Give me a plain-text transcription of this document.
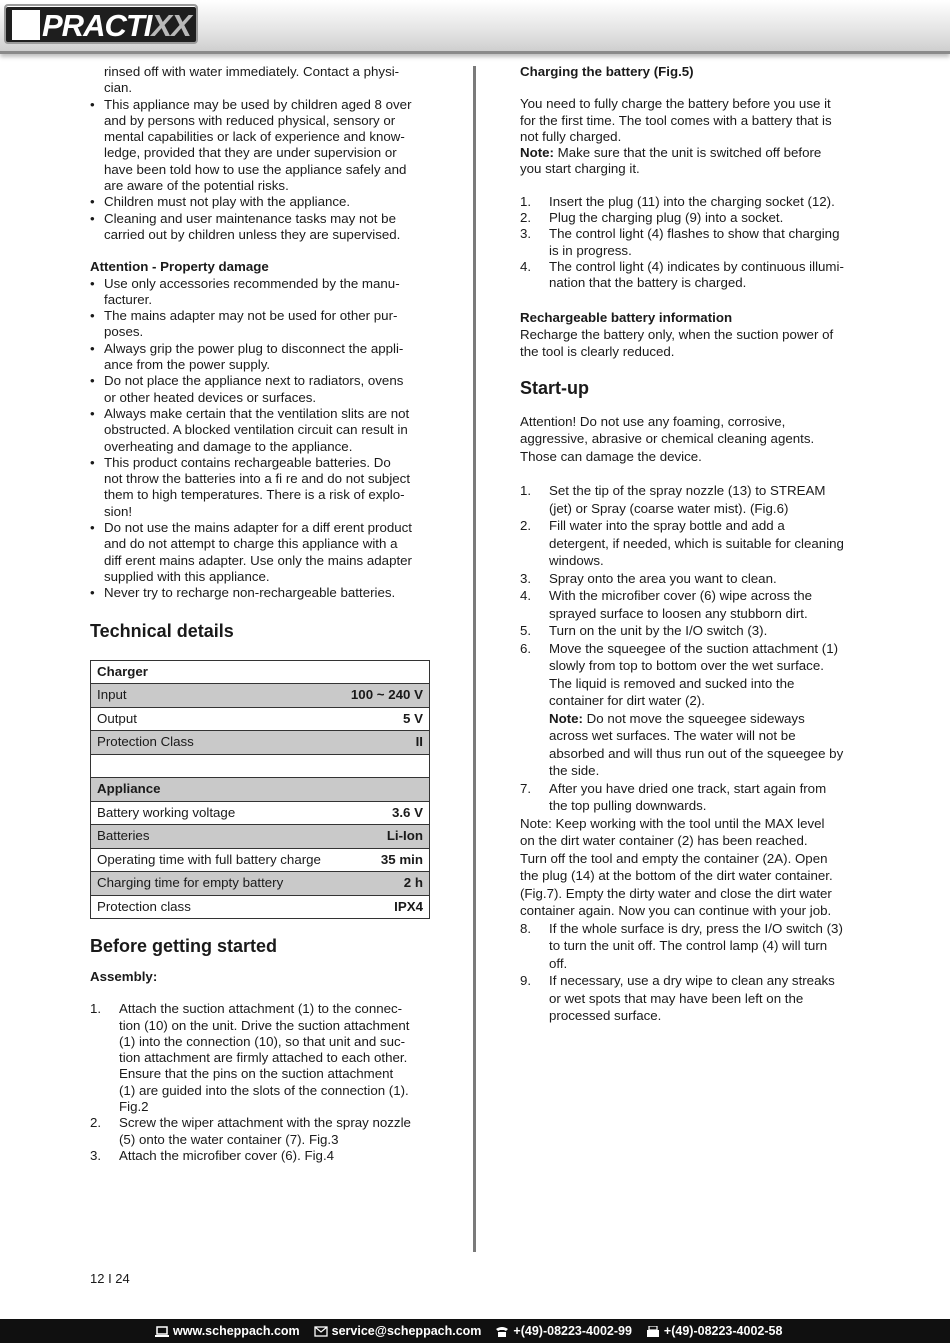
HOME PRACTIXX
rinsed off with water immediately. Contact a physi-
cian.
• This appliance may be used by children aged 8 over
and by persons with reduced physical, sensory or
mental capabilities or lack of experience and know-
ledge, provided that they are under supervision or
have been told how to use the appliance safely and
are aware of the potential risks.
• Children must not play with the appliance.
• Cleaning and user maintenance tasks may not be
carried out by children unless they are supervised.
Attention - Property damage
• Use only accessories recommended by the manu-
facturer.
• The mains adapter may not be used for other pur-
poses.
• Always grip the power plug to disconnect the appli-
ance from the power supply.
• Do not place the appliance next to radiators, ovens
or other heated devices or surfaces.
• Always make certain that the ventilation slits are not
obstructed. A blocked ventilation circuit can result in
overheating and damage to the appliance.
• This product contains rechargeable batteries. Do
not throw the batteries into a fi re and do not subject
them to high temperatures. There is a risk of explo-
sion!
• Do not use the mains adapter for a diff erent product
and do not attempt to charge this appliance with a
diff erent mains adapter. Use only the mains adapter
supplied with this appliance.
• Never try to recharge non-rechargeable batteries.
Technical details
Charger	
Input	100 ~ 240 V
Output	5 V
Protection Class	II

Appliance	
Battery working voltage	3.6 V
Batteries	Li-Ion
Operating time with full battery charge	35 min
Charging time for empty battery	2 h
Protection class	IPX4
Before getting started
Assembly:
1. Attach the suction attachment (1) to the connec-
tion (10) on the unit. Drive the suction attachment
(1) into the connection (10), so that unit and suc-
tion attachment are firmly attached to each other.
Ensure that the pins on the suction attachment
(1) are guided into the slots of the connection (1).
Fig.2
2. Screw the wiper attachment with the spray nozzle
(5) onto the water container (7). Fig.3
3. Attach the microfiber cover (6). Fig.4
Charging the battery (Fig.5)
You need to fully charge the battery before you use it
for the first time. The tool comes with a battery that is
not fully charged.
Note: Make sure that the unit is switched off before
you start charging it.
1. Insert the plug (11) into the charging socket (12).
2. Plug the charging plug (9) into a socket.
3. The control light (4) flashes to show that charging
is in progress.
4. The control light (4) indicates by continuous illumi-
nation that the battery is charged.
Rechargeable battery information
Recharge the battery only, when the suction power of
the tool is clearly reduced.
Start-up
Attention! Do not use any foaming, corrosive,
aggressive, abrasive or chemical cleaning agents.
Those can damage the device.
1. Set the tip of the spray nozzle (13) to STREAM
(jet) or Spray (coarse water mist). (Fig.6)
2. Fill water into the spray bottle and add a
detergent, if needed, which is suitable for cleaning
windows.
3. Spray onto the area you want to clean.
4. With the microfiber cover (6) wipe across the
sprayed surface to loosen any stubborn dirt.
5. Turn on the unit by the I/O switch (3).
6. Move the squeegee of the suction attachment (1)
slowly from top to bottom over the wet surface.
The liquid is removed and sucked into the
container for dirt water (2).
Note: Do not move the squeegee sideways
across wet surfaces. The water will not be
absorbed and will thus run out of the squeegee by
the side.
7. After you have dried one track, start again from
the top pulling downwards.
Note: Keep working with the tool until the MAX level
on the dirt water container (2) has been reached.
Turn off the tool and empty the container (2A). Open
the plug (14) at the bottom of the dirt water container.
(Fig.7). Empty the dirty water and close the dirt water
container again. Now you can continue with your job.
8. If the whole surface is dry, press the I/O switch (3)
to turn the unit off. The control lamp (4) will turn
off.
9. If necessary, use a dry wipe to clean any streaks
or wet spots that may have been left on the
processed surface.
12 I 24
www.scheppach.com	service@scheppach.com	+(49)-08223-4002-99	+(49)-08223-4002-58
